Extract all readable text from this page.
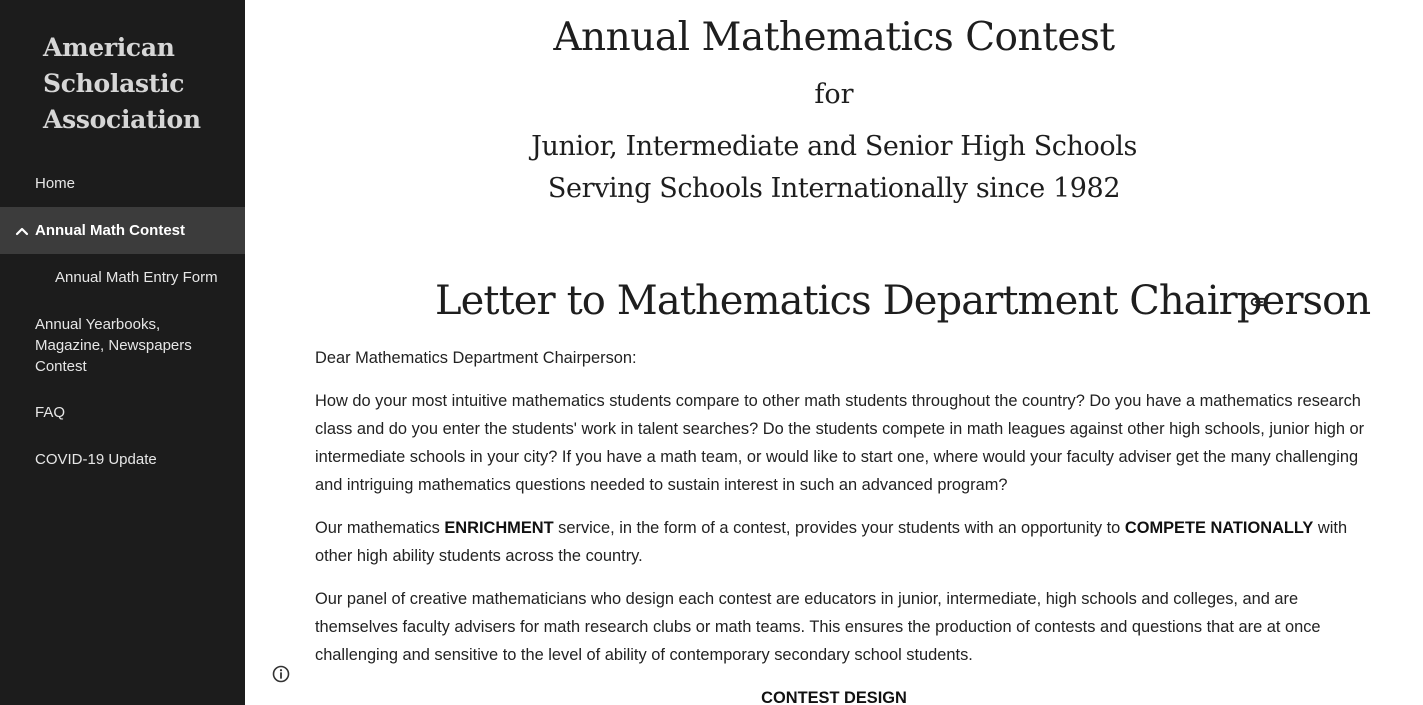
American Scholastic Association
Home
Annual Math Contest
Annual Math Entry Form
Annual Yearbooks, Magazine, Newspapers Contest
FAQ
COVID-19 Update
Annual Mathematics Contest
for
Junior, Intermediate and Senior High Schools
Serving Schools Internationally since 1982
Letter to Mathematics Department Chairperson
Dear Mathematics Department Chairperson:
How do your most intuitive mathematics students compare to other math students throughout the country? Do you have a mathematics research class and do you enter the students' work in talent searches? Do the students compete in math leagues against other high schools, junior high or intermediate schools in your city? If you have a math team, or would like to start one, where would your faculty adviser get the many challenging and intriguing mathematics questions needed to sustain interest in such an advanced program?
Our mathematics ENRICHMENT service, in the form of a contest, provides your students with an opportunity to COMPETE NATIONALLY with other high ability students across the country.
Our panel of creative mathematicians who design each contest are educators in junior, intermediate, high schools and colleges, and are themselves faculty advisers for math research clubs or math teams. This ensures the production of contests and questions that are at once challenging and sensitive to the level of ability of contemporary secondary school students.
CONTEST DESIGN
